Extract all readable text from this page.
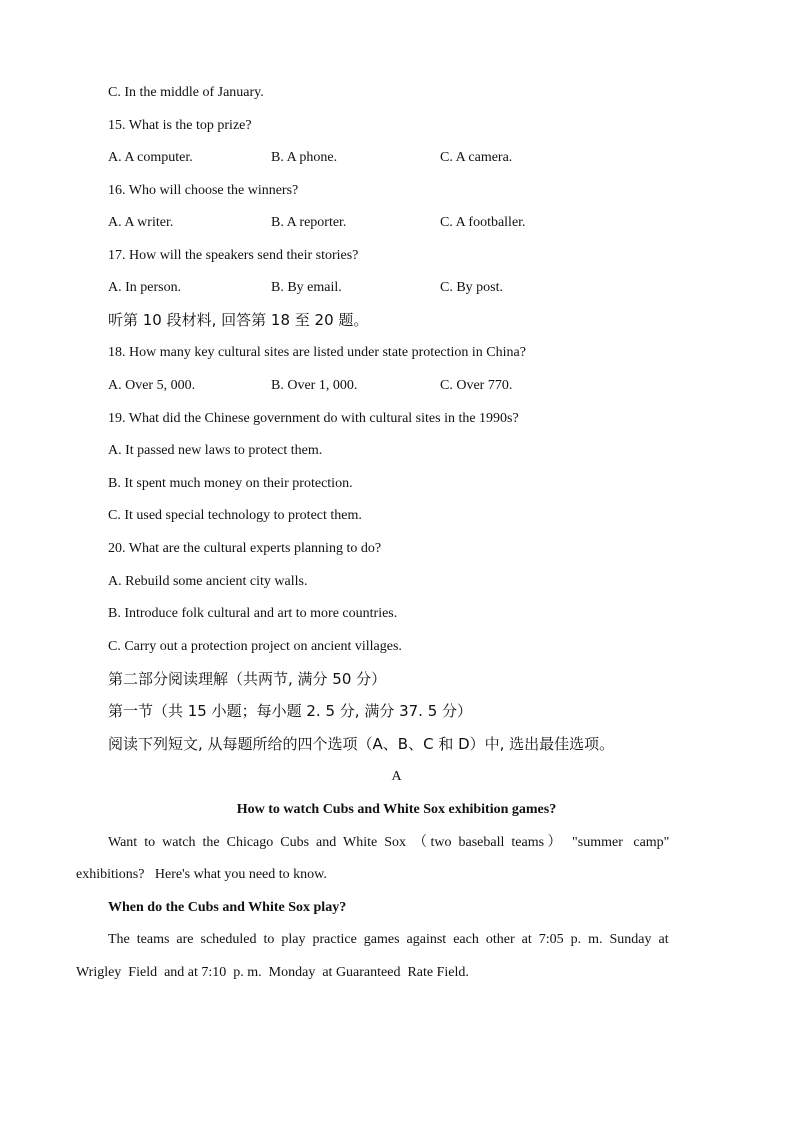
C. In the middle of January.
15. What is the top prize?
A. A computer.	B. A phone.	C. A camera.
16. Who will choose the winners?
A. A writer.	B. A reporter.	C. A footballer.
17. How will the speakers send their stories?
A. In person.	B. By email.	C. By post.
听第 10 段材料, 回答第 18 至 20 题。
18. How many key cultural sites are listed under state protection in China?
A. Over 5, 000.	B. Over 1, 000.	C. Over 770.
19. What did the Chinese government do with cultural sites in the 1990s?
A. It passed new laws to protect them.
B. It spent much money on their protection.
C. It used special technology to protect them.
20. What are the cultural experts planning to do?
A. Rebuild some ancient city walls.
B. Introduce folk cultural and art to more countries.
C. Carry out a protection project on ancient villages.
第二部分阅读理解（共两节, 满分 50 分）
第一节（共 15 小题；每小题 2. 5 分, 满分 37. 5 分）
阅读下列短文, 从每题所给的四个选项（A、B、C 和 D）中, 选出最佳选项。
A
How to watch Cubs and White Sox exhibition games?
Want  to  watch  the  Chicago  Cubs  and  White  Sox  （ two  baseball  teams ）   "summer   camp"
exhibitions?   Here's what you need to know.
When do the Cubs and White Sox play?
The  teams  are  scheduled  to  play  practice  games  against  each  other  at  7:05  p.  m.  Sunday  at
Wrigley  Field  and at 7:10  p. m.  Monday  at Guaranteed  Rate Field.
